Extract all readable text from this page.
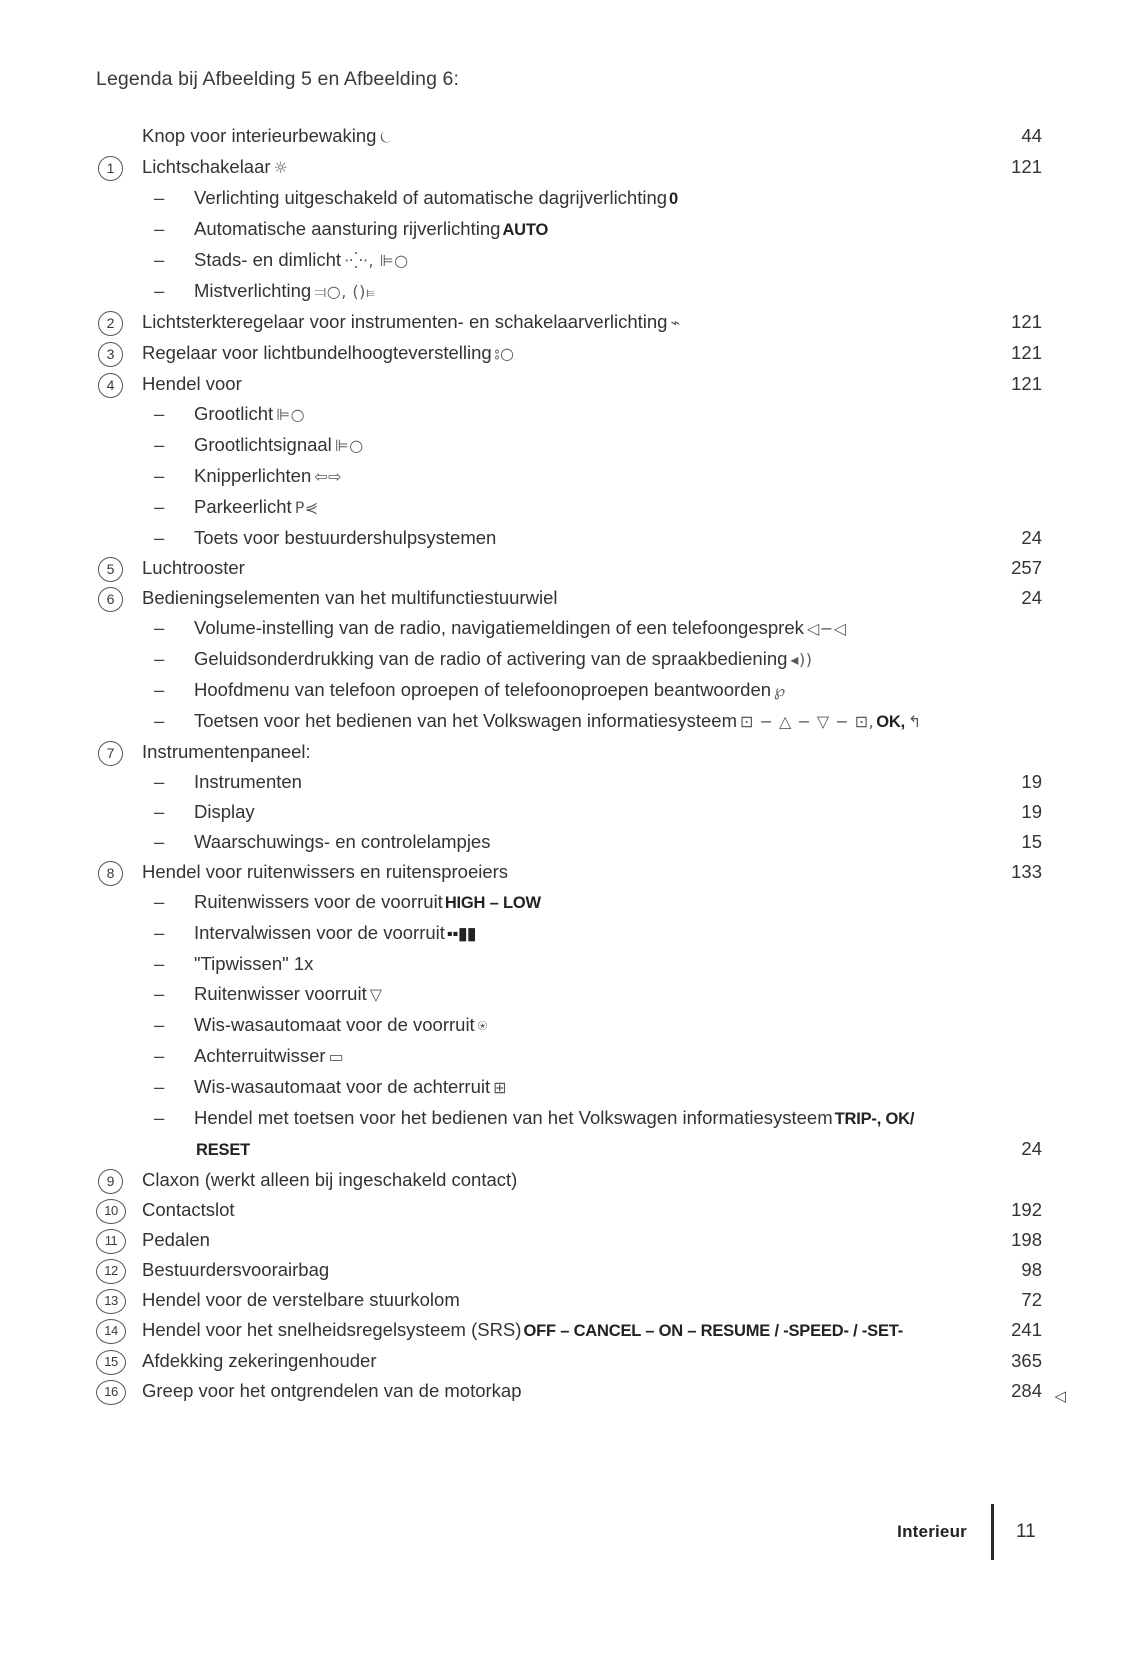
Legenda bij Afbeelding 5 en Afbeelding 6:
Knop voor interieurbewaking ⏾	44
1	Lichtschakelaar ☼	121
– Verlichting uitgeschakeld of automatische dagrijverlichting 0
– Automatische aansturing rijverlichting AUTO
– Stads- en dimlicht ⋅⁛⋅, ⊫○
– Mistverlichting ⫤○, ()⫢
2	Lichtsterkteregelaar voor instrumenten- en schakelaarverlichting ⌁	121
3	Regelaar voor lichtbundelhoogteverstelling ⦂○	121
4	Hendel voor	121
– Grootlicht ⊫○
– Grootlichtsignaal ⊫○
– Knipperlichten ⇦⇨
– Parkeerlicht P⋞
– Toets voor bestuurdershulpsystemen	24
5	Luchtrooster	257
6	Bedieningselementen van het multifunctiestuurwiel	24
– Volume-instelling van de radio, navigatiemeldingen of een telefoongesprek ◁−◁
– Geluidsonderdrukking van de radio of activering van de spraakbediening ◂))
– Hoofdmenu van telefoon oproepen of telefoonoproepen beantwoorden ℘
– Toetsen voor het bedienen van het Volkswagen informatiesysteem ⊡ − △ − ▽ − ⊡, OK, ↰
7	Instrumentenpaneel:
– Instrumenten	19
– Display	19
– Waarschuwings- en controlelampjes	15
8	Hendel voor ruitenwissers en ruitensproeiers	133
– Ruitenwissers voor de voorruit HIGH – LOW
– Intervalwissen voor de voorruit ▪▪▮▮
– "Tipwissen" 1x
– Ruitenwisser voorruit ▽
– Wis-wasautomaat voor de voorruit ⍟
– Achterruitwisser ▭
– Wis-wasautomaat voor de achterruit ⊞
– Hendel met toetsen voor het bedienen van het Volkswagen informatiesysteem TRIP-, OK/
RESET	24
9	Claxon (werkt alleen bij ingeschakeld contact)
10	Contactslot	192
11	Pedalen	198
12	Bestuurdersvoorairbag	98
13	Hendel voor de verstelbare stuurkolom	72
14	Hendel voor het snelheidsregelsysteem (SRS) OFF – CANCEL – ON – RESUME / -SPEED- / -SET-	241
15	Afdekking zekeringenhouder	365
16	Greep voor het ontgrendelen van de motorkap	284 ◁
Interieur	11
